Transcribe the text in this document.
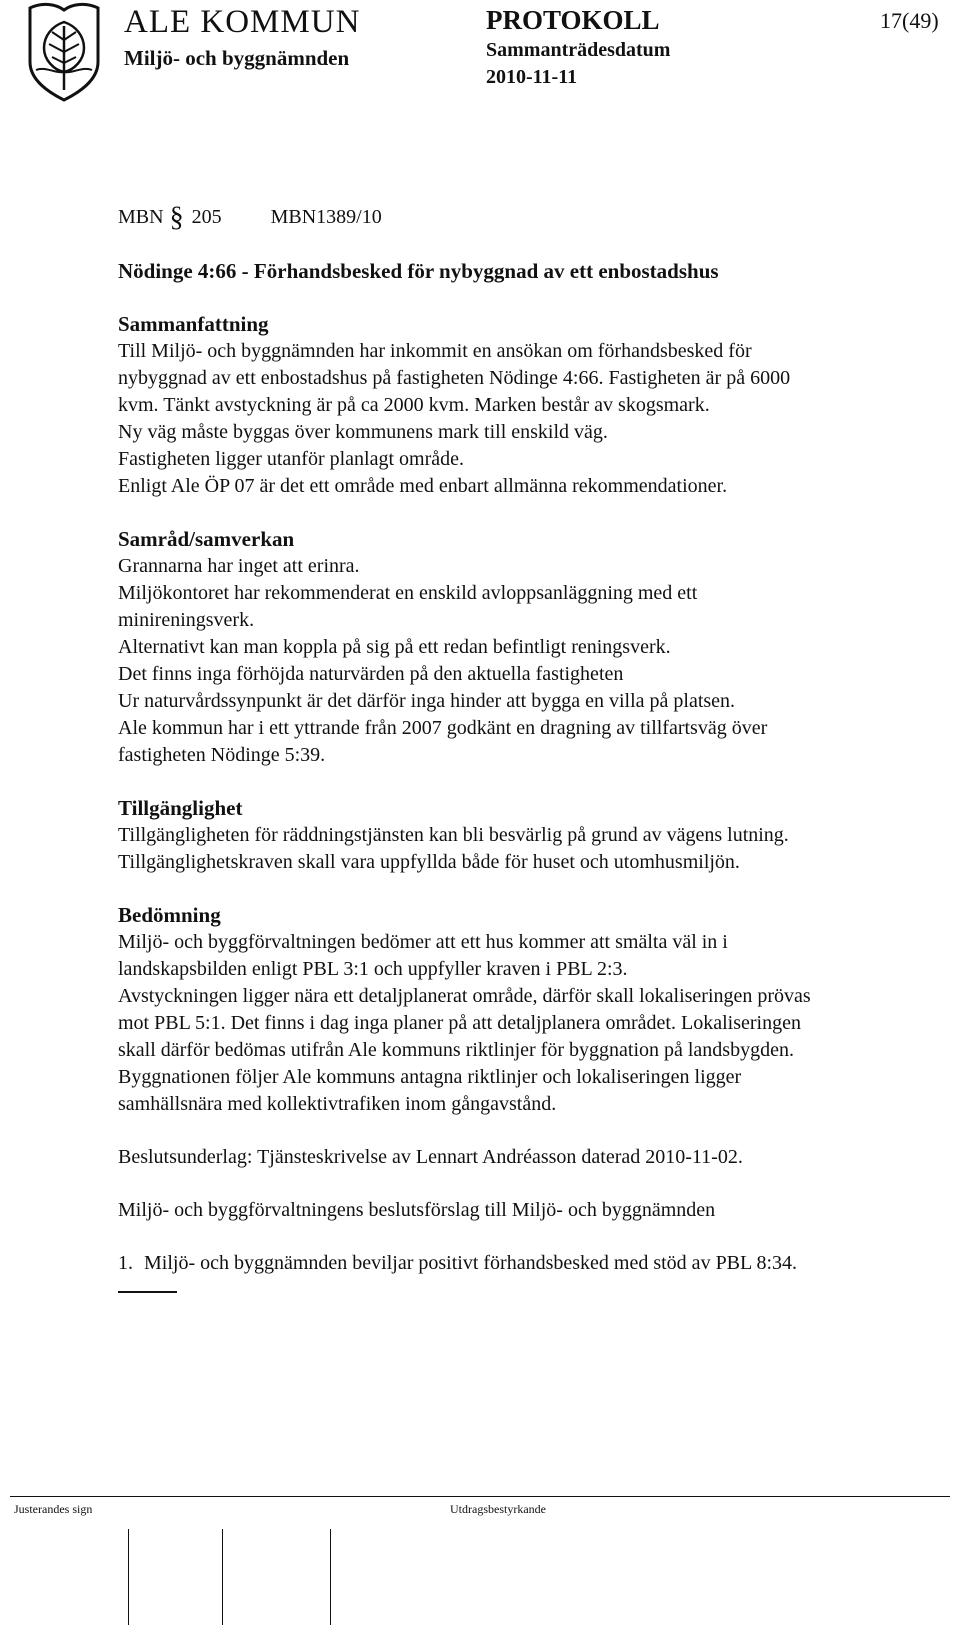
ALE KOMMUN
Miljö- och byggnämnden
PROTOKOLL
Sammanträdesdatum
2010-11-11
17(49)
MBN § 205 MBN1389/10
Nödinge 4:66 - Förhandsbesked för nybyggnad av ett enbostadshus
Sammanfattning
Till Miljö- och byggnämnden har inkommit en ansökan om förhandsbesked för
nybyggnad av ett enbostadshus på fastigheten Nödinge 4:66. Fastigheten är på 6000
kvm. Tänkt avstyckning är på ca 2000 kvm. Marken består av skogsmark.
Ny väg måste byggas över kommunens mark till enskild väg.
Fastigheten ligger utanför planlagt område.
Enligt Ale ÖP 07 är det ett område med enbart allmänna rekommendationer.
Samråd/samverkan
Grannarna har inget att erinra.
Miljökontoret har rekommenderat en enskild avloppsanläggning med ett
minireningsverk.
Alternativt kan man koppla på sig på ett redan befintligt reningsverk.
Det finns inga förhöjda naturvärden på den aktuella fastigheten
Ur naturvårdssynpunkt är det därför inga hinder att bygga en villa på platsen.
Ale kommun har i ett yttrande från 2007 godkänt en dragning av tillfartsväg över
fastigheten Nödinge 5:39.
Tillgänglighet
Tillgängligheten för räddningstjänsten kan bli besvärlig på grund av vägens lutning.
Tillgänglighetskraven skall vara uppfyllda både för huset och utomhusmiljön.
Bedömning
Miljö- och byggförvaltningen bedömer att ett hus kommer att smälta väl in i
landskapsbilden enligt PBL 3:1 och uppfyller kraven i PBL 2:3.
Avstyckningen ligger nära ett detaljplanerat område, därför skall lokaliseringen prövas
mot PBL 5:1. Det finns i dag inga planer på att detaljplanera området. Lokaliseringen
skall därför bedömas utifrån Ale kommuns riktlinjer för byggnation på landsbygden.
Byggnationen följer Ale kommuns antagna riktlinjer och lokaliseringen ligger
samhällsnära med kollektivtrafiken inom gångavstånd.
Beslutsunderlag: Tjänsteskrivelse av Lennart Andréasson daterad 2010-11-02.
Miljö- och byggförvaltningens beslutsförslag till Miljö- och byggnämnden
1. Miljö- och byggnämnden beviljar positivt förhandsbesked med stöd av PBL 8:34.
Justerandes sign	Utdragsbestyrkande
